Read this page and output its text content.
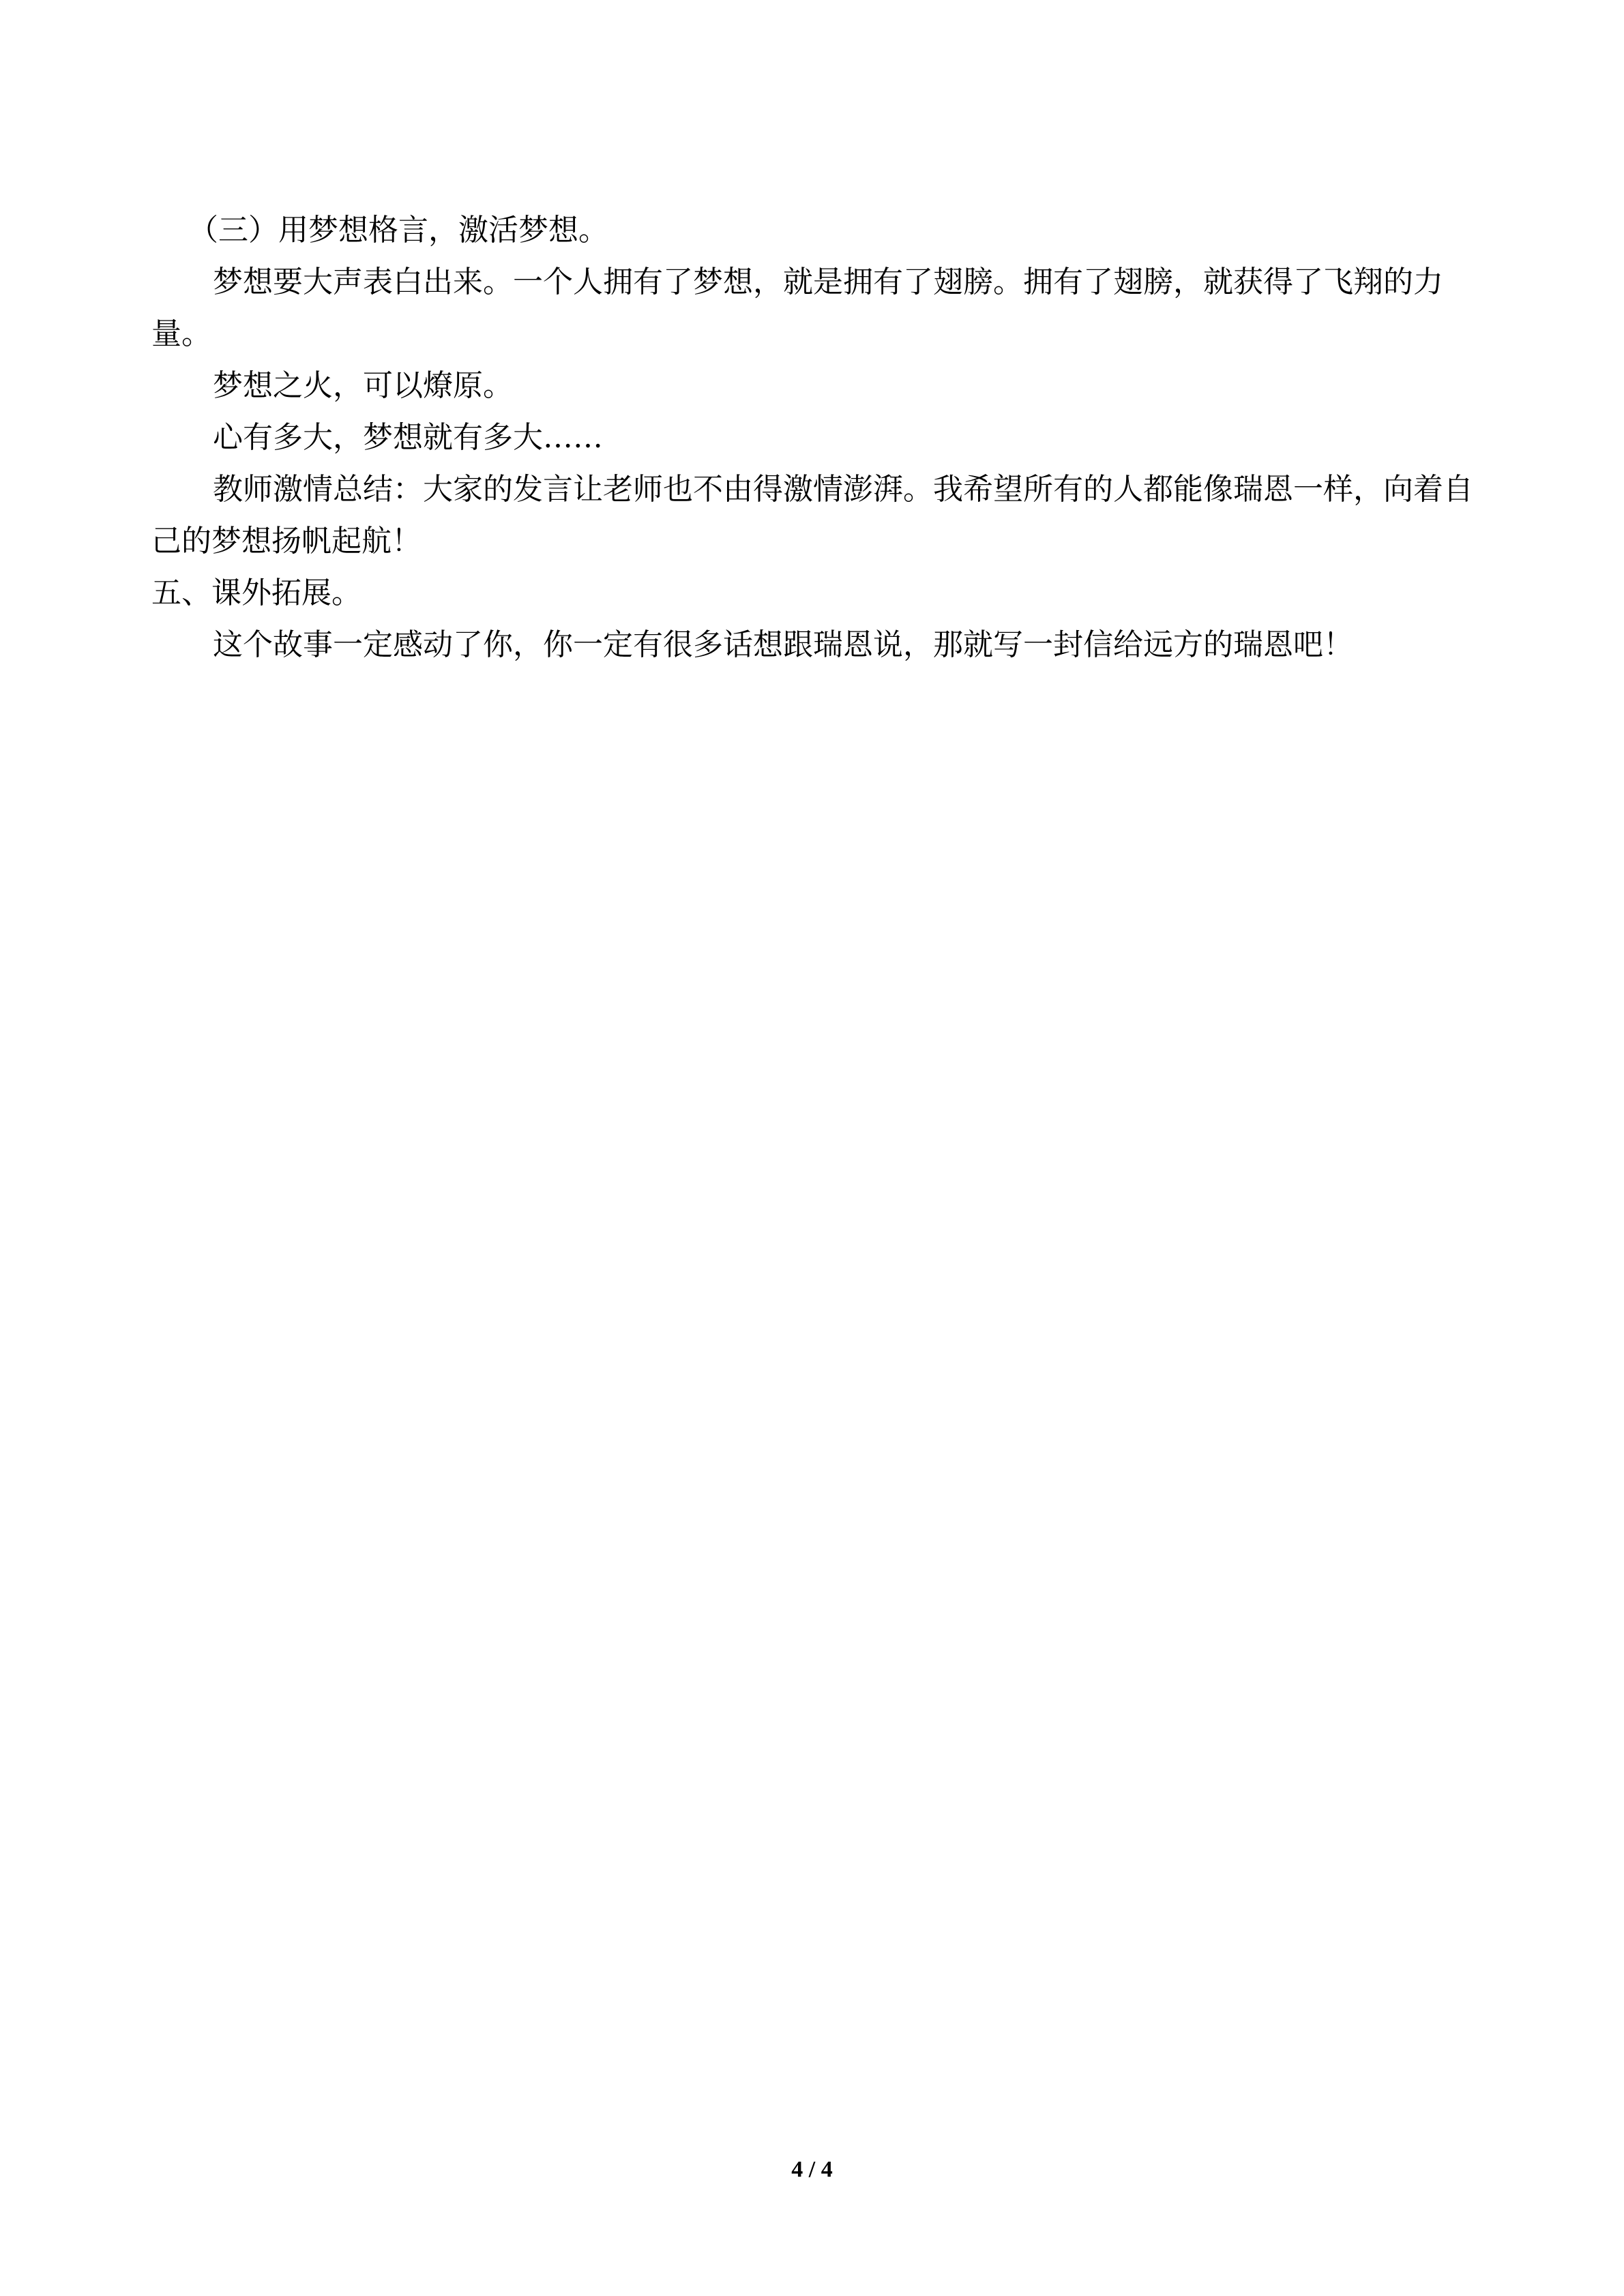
（三）用梦想格言，激活梦想。

梦想要大声表白出来。一个人拥有了梦想，就是拥有了翅膀。拥有了翅膀，就获得了飞翔的力量。

梦想之火，可以燎原。

心有多大，梦想就有多大……

教师激情总结：大家的发言让老师也不由得激情澎湃。我希望所有的人都能像瑞恩一样，向着自己的梦想扬帆起航！

五、课外拓展。

这个故事一定感动了你，你一定有很多话想跟瑞恩说，那就写一封信给远方的瑞恩吧！

4 / 4
